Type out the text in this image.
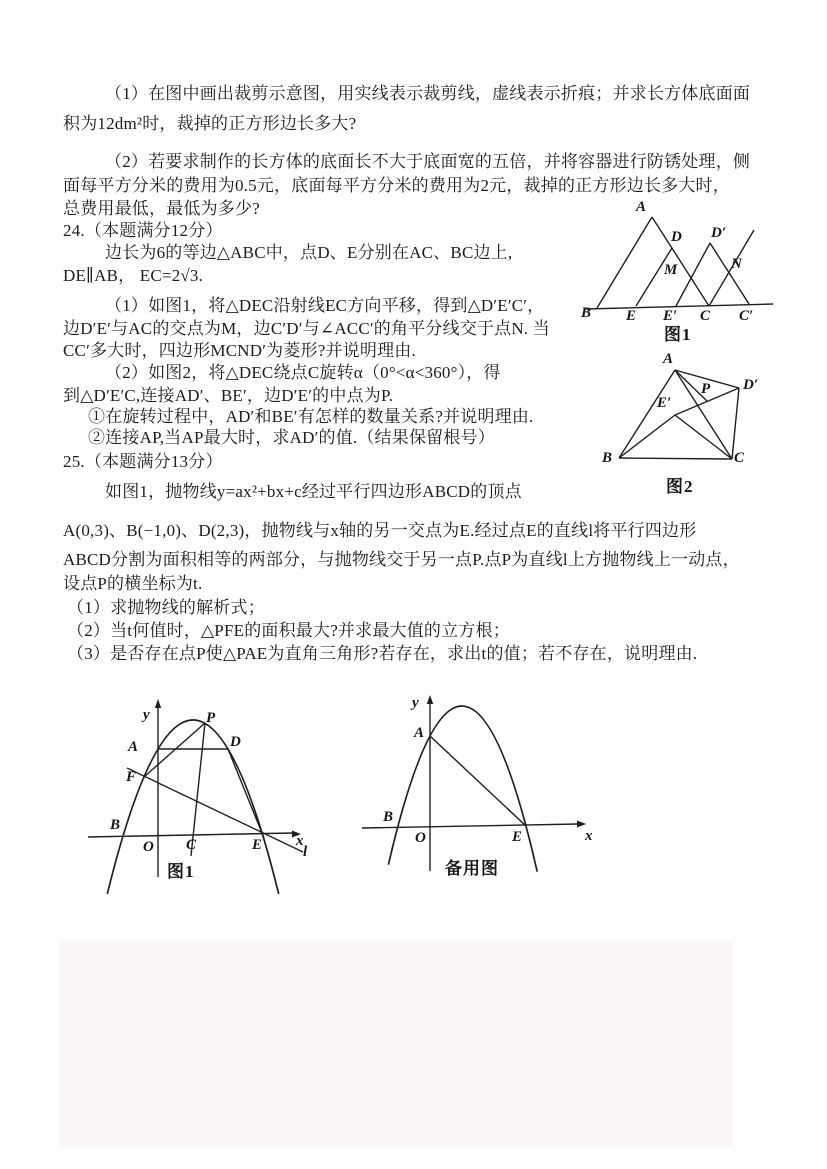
（1）在图中画出裁剪示意图，用实线表示裁剪线，虚线表示折痕；并求长方体底面面
积为12dm²时，裁掉的正方形边长多大?
（2）若要求制作的长方体的底面长不大于底面宽的五倍，并将容器进行防锈处理，侧
面每平方分米的费用为0.5元，底面每平方分米的费用为2元，裁掉的正方形边长多大时，
总费用最低，最低为多少?
24.（本题满分12分）
边长为6的等边△ABC中，点D、E分别在AC、BC边上,
DE∥AB， EC=2√3.
（1）如图1，将△DEC沿射线EC方向平移，得到△D′E′C′，
边D′E′与AC的交点为M，边C′D′与∠ACC′的角平分线交于点N. 当
CC′多大时，四边形MCND′为菱形?并说明理由.
（2）如图2，将△DEC绕点C旋转α（0°<α<360°），得
到△D′E′C,连接AD′、BE′，边D′E′的中点为P.
①在旋转过程中，AD′和BE′有怎样的数量关系?并说明理由.
②连接AP,当AP最大时，求AD′的值.（结果保留根号）
25.（本题满分13分）
如图1，抛物线y=ax²+bx+c经过平行四边形ABCD的顶点
A(0,3)、B(−1,0)、D(2,3)，抛物线与x轴的另一交点为E.经过点E的直线l将平行四边形
ABCD分割为面积相等的两部分，与抛物线交于另一点P.点P为直线l上方抛物线上一动点，
设点P的横坐标为t.
（1）求抛物线的解析式；
（2）当t何值时，△PFE的面积最大?并求最大值的立方根；
（3）是否存在点P使△PAE为直角三角形?若存在，求出t的值；若不存在，说明理由.
A
D D′
M	N
B E E′ C C′
图1
A
D′
P
E′
B	C
图2
y	P
A	D
F
B
O C	E x
l
图1
y
A
B
O	E	x
备用图
